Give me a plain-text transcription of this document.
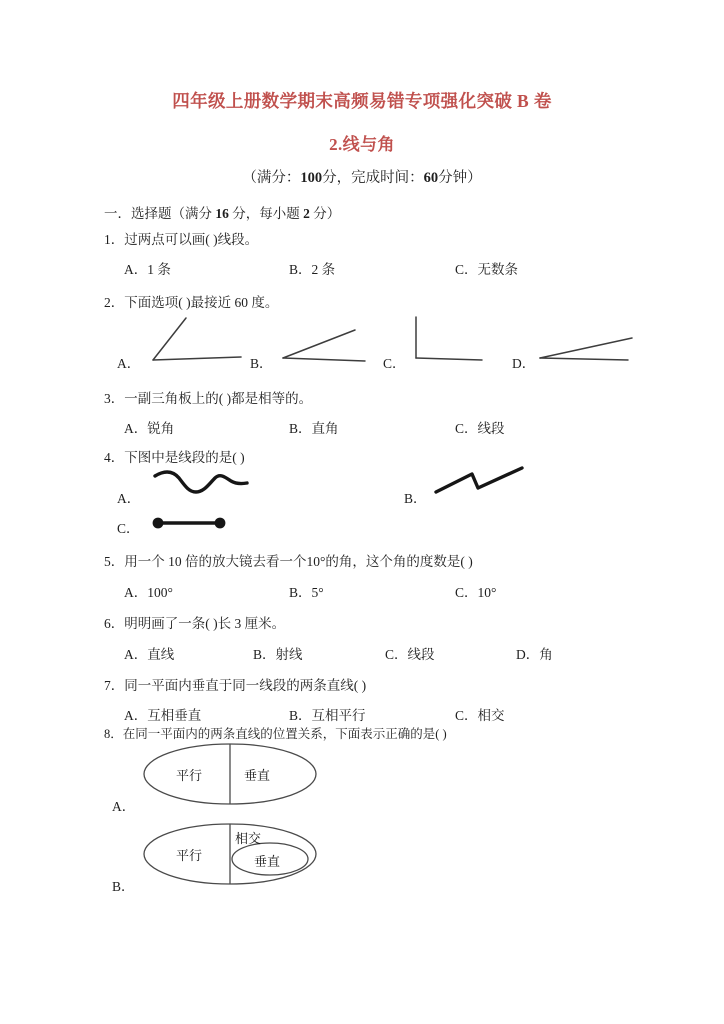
四年级上册数学期末高频易错专项强化突破 B 卷
2.线与角
（满分：100分，完成时间：60分钟）
一．选择题（满分 16 分，每小题 2 分）
1．过两点可以画( )线段。
A．1 条	B．2 条	C．无数条
2．下面选项( )最接近 60 度。
A．	B．	C．	D．
3．一副三角板上的( )都是相等的。
A．锐角	B．直角	C．线段
4．下图中是线段的是( )
A．	B．
C．
5．用一个 10 倍的放大镜去看一个10°的角，这个角的度数是( )
A．100°	B．5°	C．10°
6．明明画了一条( )长 3 厘米。
A．直线	B．射线	C．线段	D．角
7．同一平面内垂直于同一线段的两条直线( )
A．互相垂直	B．互相平行	C．相交
8．在同一平面内的两条直线的位置关系，下面表示正确的是( )
平行	垂直
A．
平行
相交
垂直
B．
